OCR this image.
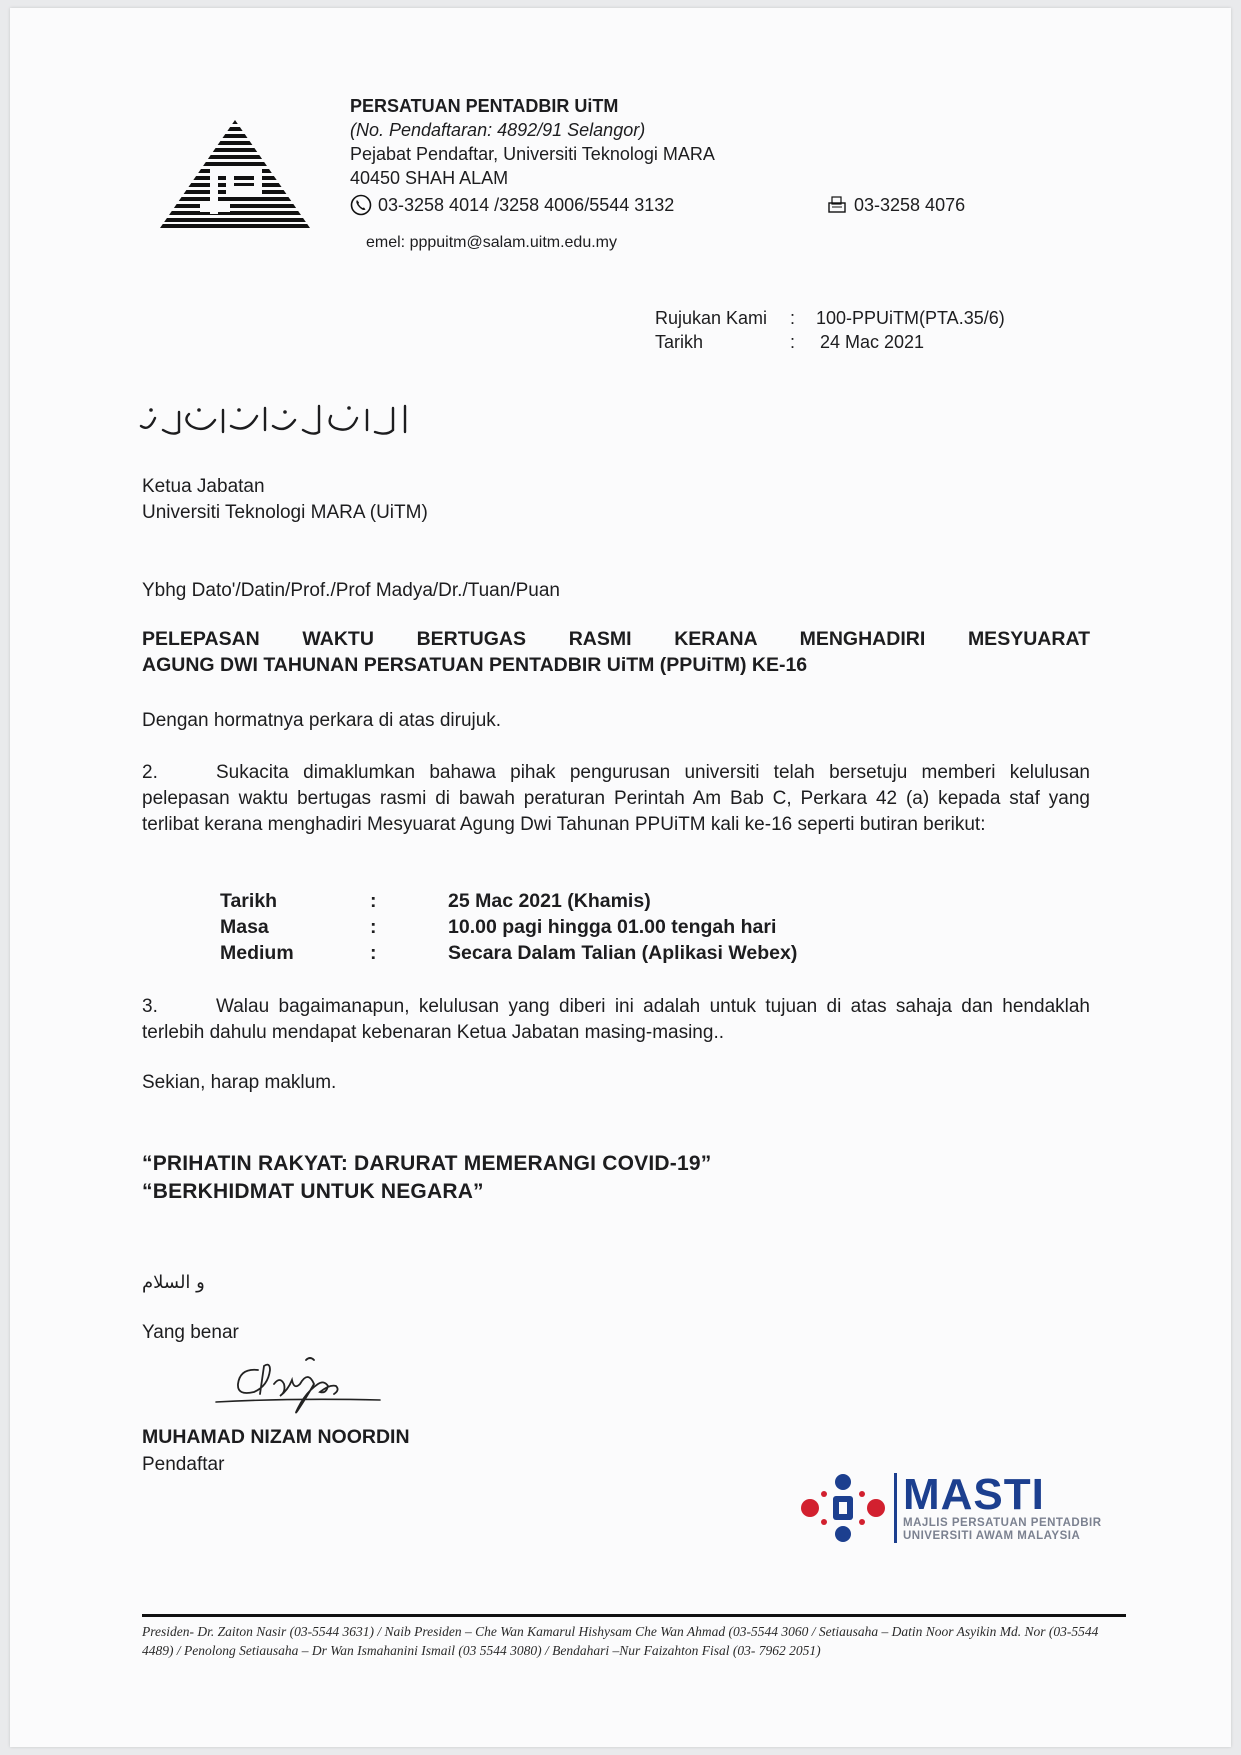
PERSATUAN PENTADBIR UiTM
(No. Pendaftaran: 4892/91 Selangor)
Pejabat Pendaftar, Universiti Teknologi MARA
40450 SHAH ALAM
03-3258 4014 /3258 4006/5544 3132	03-3258 4076
emel: pppuitm@salam.uitm.edu.my
Rujukan Kami	:	100-PPUiTM(PTA.35/6)
Tarikh	:	24 Mac 2021
Ketua Jabatan
Universiti Teknologi MARA (UiTM)
Ybhg Dato'/Datin/Prof./Prof Madya/Dr./Tuan/Puan
PELEPASAN WAKTU BERTUGAS RASMI KERANA MENGHADIRI MESYUARAT
AGUNG DWI TAHUNAN PERSATUAN PENTADBIR UiTM (PPUiTM) KE-16
Dengan hormatnya perkara di atas dirujuk.
2.	Sukacita dimaklumkan bahawa pihak pengurusan universiti telah bersetuju memberi kelulusan pelepasan waktu bertugas rasmi di bawah peraturan Perintah Am Bab C, Perkara 42 (a) kepada staf yang terlibat kerana menghadiri Mesyuarat Agung Dwi Tahunan PPUiTM kali ke-16 seperti butiran berikut:
Tarikh	:	25 Mac 2021 (Khamis)
Masa	:	10.00 pagi hingga 01.00 tengah hari
Medium	:	Secara Dalam Talian (Aplikasi Webex)
3.	Walau bagaimanapun, kelulusan yang diberi ini adalah untuk tujuan di atas sahaja dan hendaklah terlebih dahulu mendapat kebenaran Ketua Jabatan masing-masing..
Sekian, harap maklum.
“PRIHATIN RAKYAT: DARURAT MEMERANGI COVID-19”
“BERKHIDMAT UNTUK NEGARA”
و السلام
Yang benar
MUHAMAD NIZAM NOORDIN
Pendaftar
MASTI
MAJLIS PERSATUAN PENTADBIR
UNIVERSITI AWAM MALAYSIA
Presiden- Dr. Zaiton Nasir (03-5544 3631) / Naib Presiden – Che Wan Kamarul Hishysam Che Wan Ahmad (03-5544 3060 / Setiausaha – Datin Noor Asyikin Md. Nor (03-5544 4489) / Penolong Setiausaha – Dr Wan Ismahanini Ismail (03 5544 3080) / Bendahari –Nur Faizahton Fisal (03- 7962 2051)
